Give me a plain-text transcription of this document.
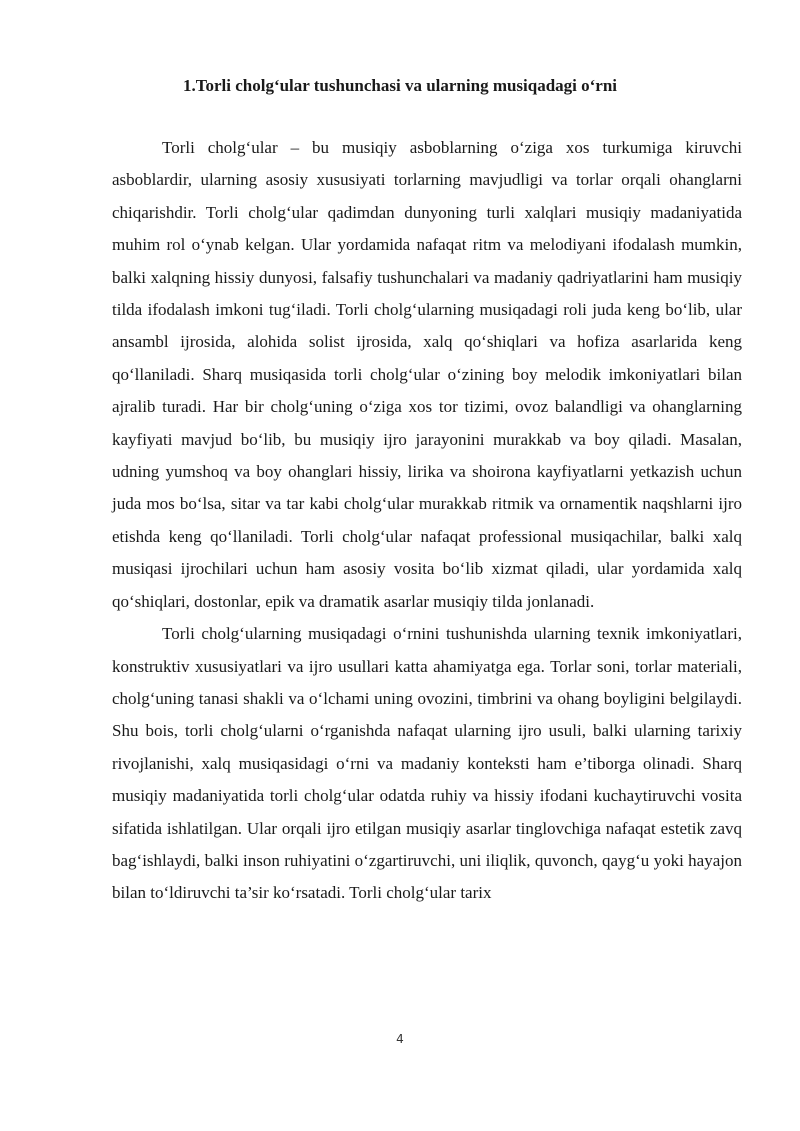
1.Torli cholg‘ular tushunchasi va ularning musiqadagi o‘rni

Torli cholg‘ular – bu musiqiy asboblarning o‘ziga xos turkumiga kiruvchi asboblardir, ularning asosiy xususiyati torlarning mavjudligi va torlar orqali ohanglarni chiqarishdir. Torli cholg‘ular qadimdan dunyoning turli xalqlari musiqiy madaniyatida muhim rol o‘ynab kelgan. Ular yordamida nafaqat ritm va melodiyani ifodalash mumkin, balki xalqning hissiy dunyosi, falsafiy tushunchalari va madaniy qadriyatlarini ham musiqiy tilda ifodalash imkoni tug‘iladi. Torli cholg‘ularning musiqadagi roli juda keng bo‘lib, ular ansambl ijrosida, alohida solist ijrosida, xalq qo‘shiqlari va hofiza asarlarida keng qo‘llaniladi. Sharq musiqasida torli cholg‘ular o‘zining boy melodik imkoniyatlari bilan ajralib turadi. Har bir cholg‘uning o‘ziga xos tor tizimi, ovoz balandligi va ohanglarning kayfiyati mavjud bo‘lib, bu musiqiy ijro jarayonini murakkab va boy qiladi. Masalan, udning yumshoq va boy ohanglari hissiy, lirika va shoirona kayfiyatlarni yetkazish uchun juda mos bo‘lsa, sitar va tar kabi cholg‘ular murakkab ritmik va ornamentik naqshlarni ijro etishda keng qo‘llaniladi. Torli cholg‘ular nafaqat professional musiqachilar, balki xalq musiqasi ijrochilari uchun ham asosiy vosita bo‘lib xizmat qiladi, ular yordamida xalq qo‘shiqlari, dostonlar, epik va dramatik asarlar musiqiy tilda jonlanadi.

Torli cholg‘ularning musiqadagi o‘rnini tushunishda ularning texnik imkoniyatlari, konstruktiv xususiyatlari va ijro usullari katta ahamiyatga ega. Torlar soni, torlar materiali, cholg‘uning tanasi shakli va o‘lchami uning ovozini, timbrini va ohang boyligini belgilaydi. Shu bois, torli cholg‘ularni o‘rganishda nafaqat ularning ijro usuli, balki ularning tarixiy rivojlanishi, xalq musiqasidagi o‘rni va madaniy konteksti ham e’tiborga olinadi. Sharq musiqiy madaniyatida torli cholg‘ular odatda ruhiy va hissiy ifodani kuchaytiruvchi vosita sifatida ishlatilgan. Ular orqali ijro etilgan musiqiy asarlar tinglovchiga nafaqat estetik zavq bag‘ishlaydi, balki inson ruhiyatini o‘zgartiruvchi, uni iliqlik, quvonch, qayg‘u yoki hayajon bilan to‘ldiruvchi ta’sir ko‘rsatadi. Torli cholg‘ular tarix

4
